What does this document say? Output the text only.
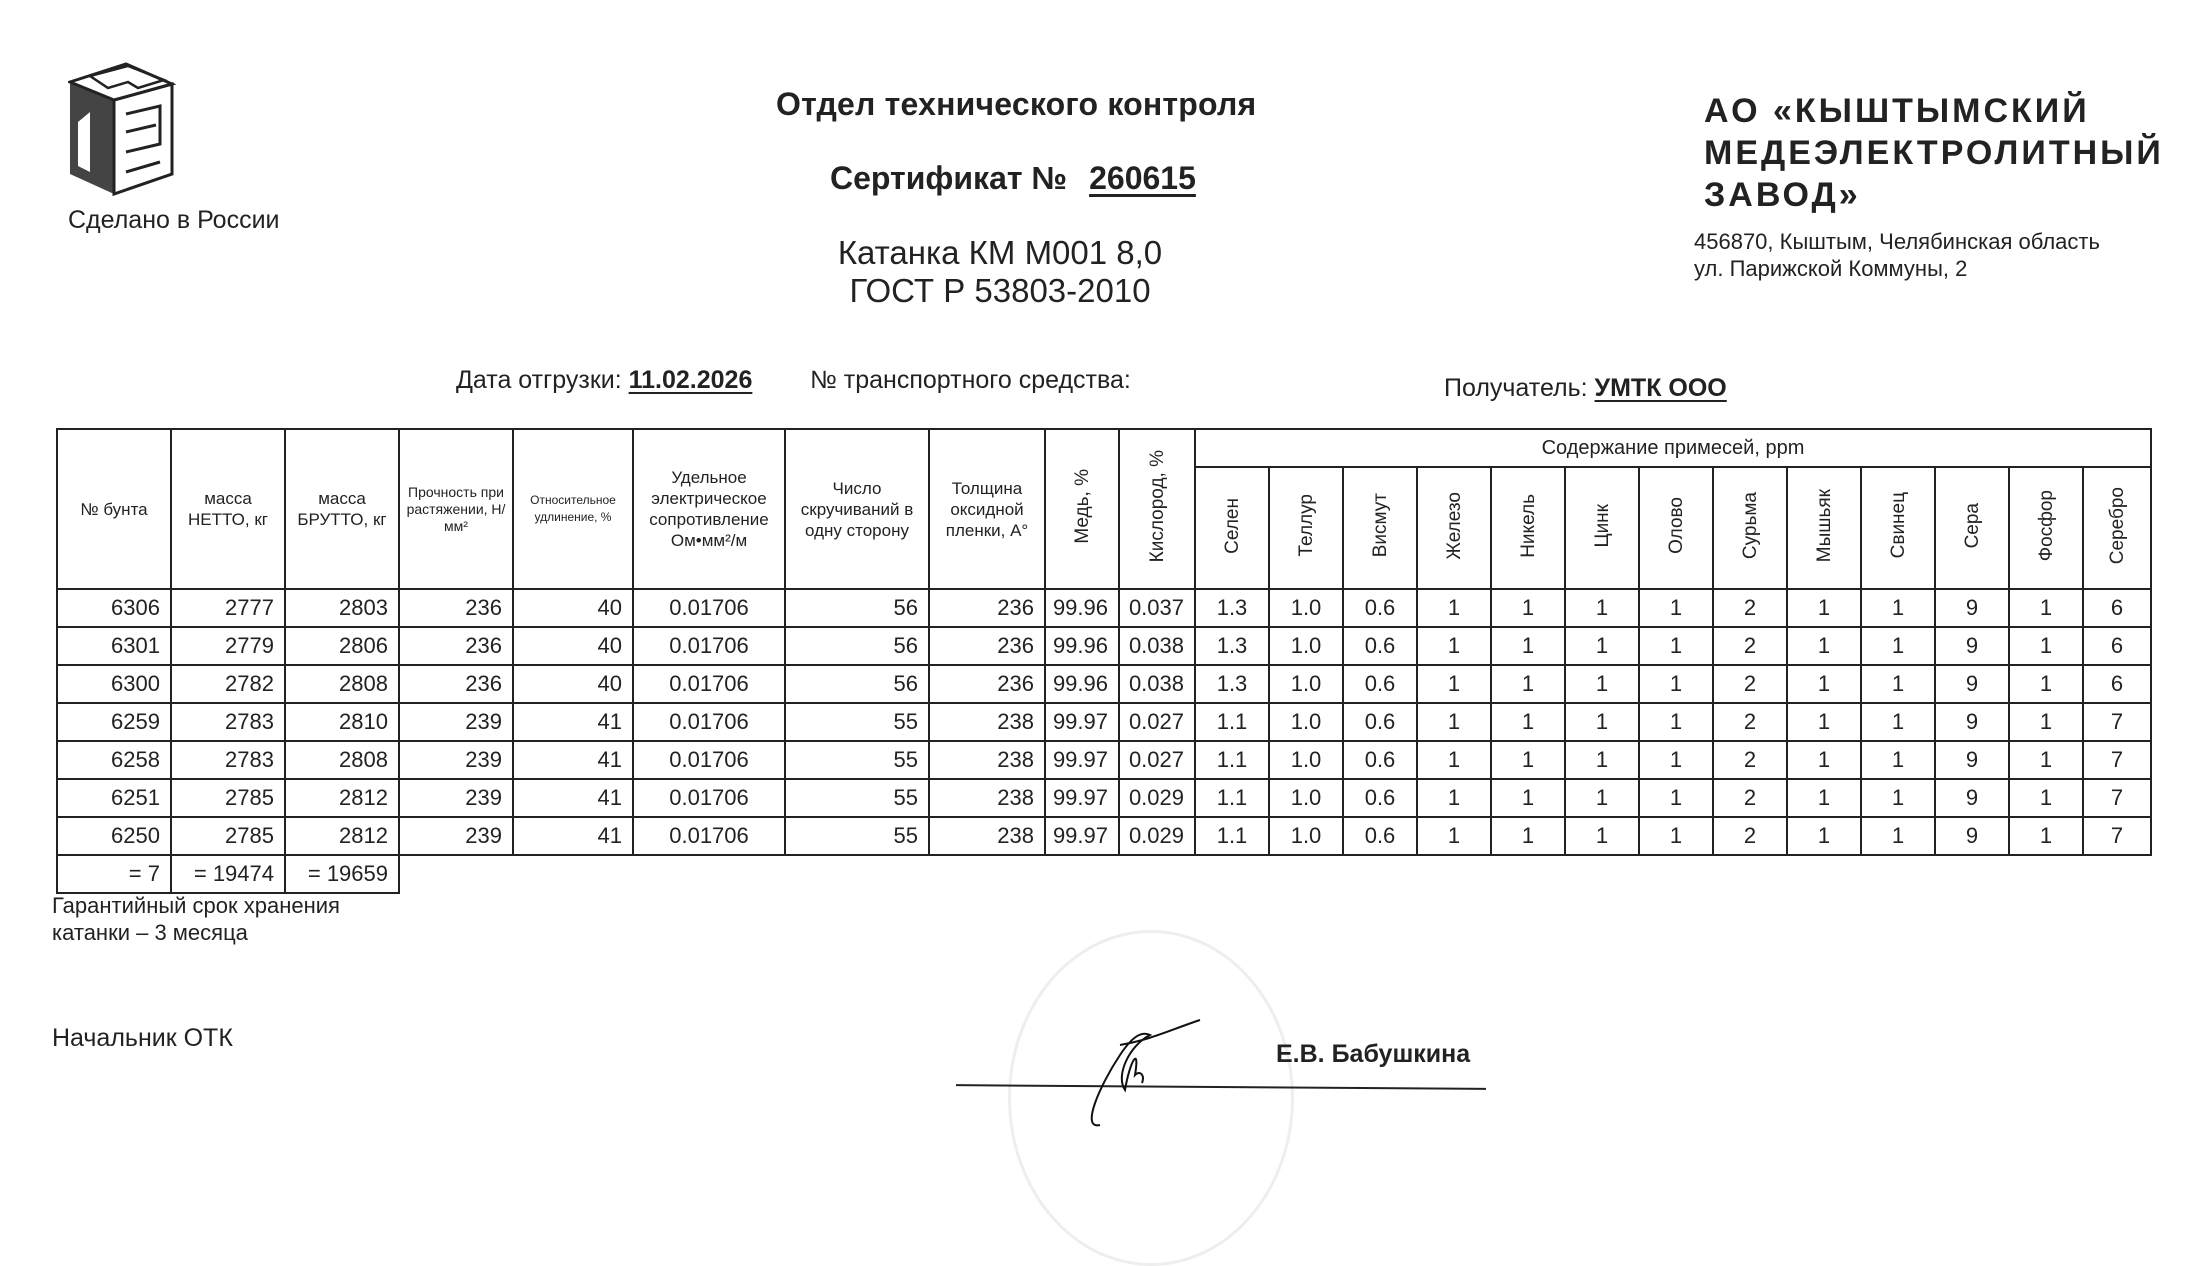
Сделано в России
Отдел технического контроля
Сертификат № 260615
Катанка КМ М001 8,0
ГОСТ Р 53803-2010
АО «КЫШТЫМСКИЙ
МЕДЕЭЛЕКТРОЛИТНЫЙ
ЗАВОД»
456870, Кыштым, Челябинская область
ул. Парижской Коммуны, 2
Дата отгрузки: 11.02.2026 № транспортного средства:	Получатель: УМТК ООО
№ бунта	масса НЕТТО, кг	масса БРУТТО, кг	Прочность при растяжении, Н/мм²	Относительное удлинение, %	Удельное электрическое сопротивление Ом•мм²/м	Число скручиваний в одну сторону	Толщина оксидной пленки, А°	Медь, %	Кислород, %	Содержание примесей, ppm												
										Селен	Теллур	Висмут	Железо	Никель	Цинк	Олово	Сурьма	Мышьяк	Свинец	Сера	Фосфор	Серебро
6306	2777	2803	236	40	0.01706	56	236	99.96	0.037	1.3	1.0	0.6	1	1	1	1	2	1	1	9	1	6
6301	2779	2806	236	40	0.01706	56	236	99.96	0.038	1.3	1.0	0.6	1	1	1	1	2	1	1	9	1	6
6300	2782	2808	236	40	0.01706	56	236	99.96	0.038	1.3	1.0	0.6	1	1	1	1	2	1	1	9	1	6
6259	2783	2810	239	41	0.01706	55	238	99.97	0.027	1.1	1.0	0.6	1	1	1	1	2	1	1	9	1	7
6258	2783	2808	239	41	0.01706	55	238	99.97	0.027	1.1	1.0	0.6	1	1	1	1	2	1	1	9	1	7
6251	2785	2812	239	41	0.01706	55	238	99.97	0.029	1.1	1.0	0.6	1	1	1	1	2	1	1	9	1	7
6250	2785	2812	239	41	0.01706	55	238	99.97	0.029	1.1	1.0	0.6	1	1	1	1	2	1	1	9	1	7
= 7	= 19474	= 19659																				
Гарантийный срок хранения
катанки – 3 месяца
Начальник ОТК
Е.В. Бабушкина
